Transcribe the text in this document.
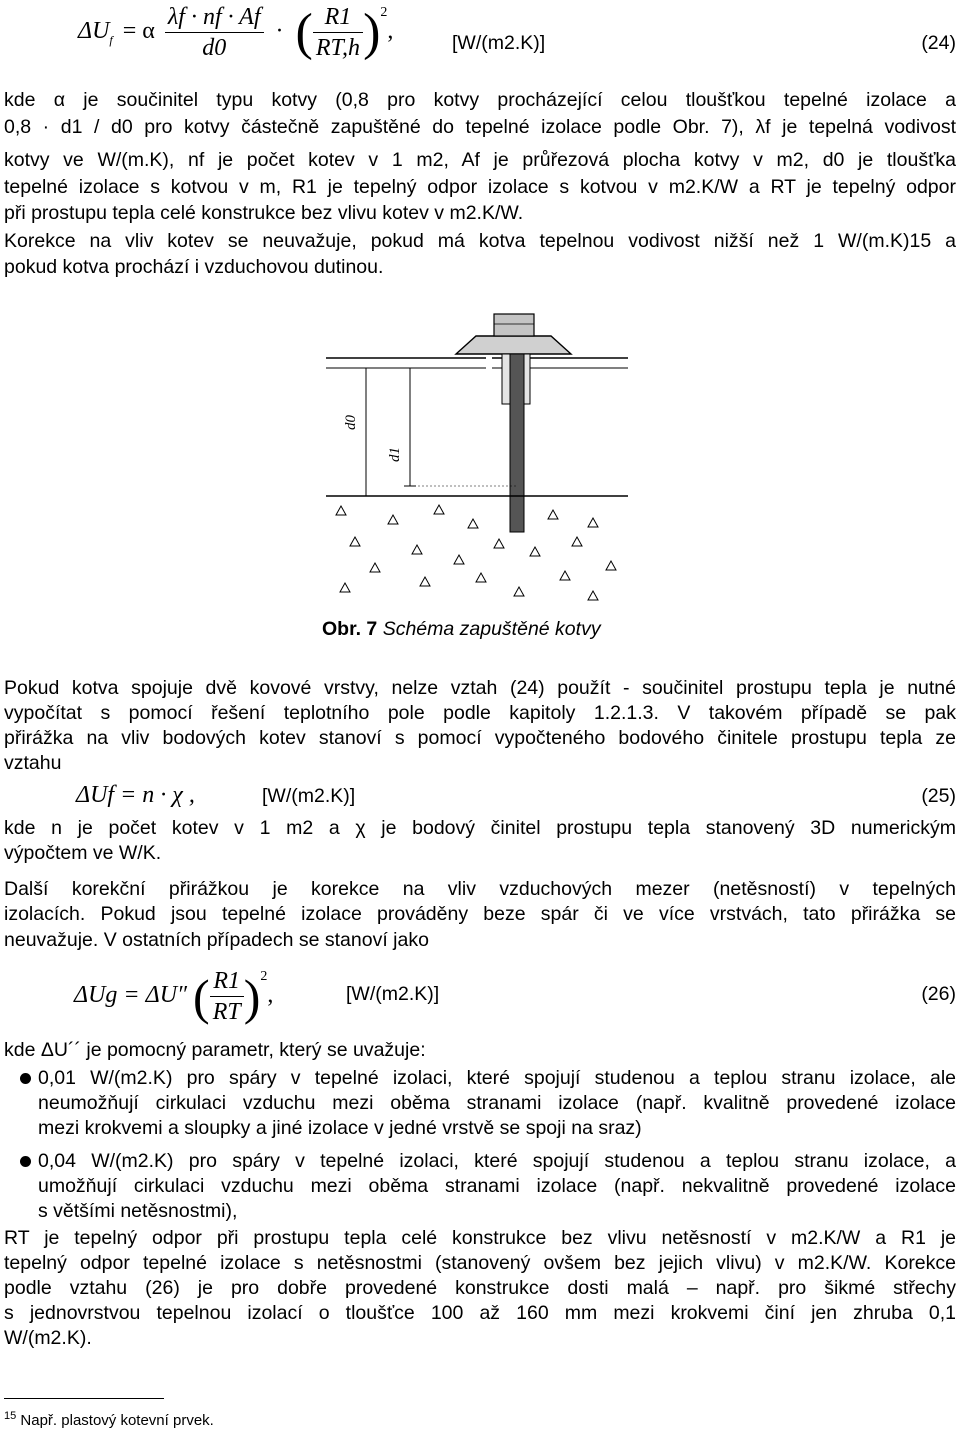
$\Delta U_f = \alpha \frac{\lambda f \cdot nf \cdot Af}{d0}$ · ( $\frac{R1}{RT,h} )^2$,	[W/(m2.K)]	(24)
kde α je součinitel typu kotvy (0,8 pro kotvy procházející celou tloušťkou tepelné izolace a
0,8 · d1 / d0 pro kotvy částečně zapuštěné do tepelné izolace podle Obr. 7), λf je tepelná vodivost
kotvy ve W/(m.K), nf je počet kotev v 1 m2, Af je průřezová plocha kotvy v m2, d0 je tloušťka
tepelné izolace s kotvou v m, R1 je tepelný odpor izolace s kotvou v m2.K/W a RT je tepelný odpor
při prostupu tepla celé konstrukce bez vlivu kotev v m2.K/W.
Korekce na vliv kotev se neuvažuje, pokud má kotva tepelnou vodivost nižší než 1 W/(m.K)15 a
pokud kotva prochází i vzduchovou dutinou.
d0
d1
Obr. 7 Schéma zapuštěné kotvy
Pokud kotva spojuje dvě kovové vrstvy, nelze vztah (24) použít - součinitel prostupu tepla je nutné
vypočítat s pomocí řešení teplotního pole podle kapitoly 1.2.1.3. V takovém případě se pak
přirážka na vliv bodových kotev stanoví s pomocí vypočteného bodového činitele prostupu tepla ze
vztahu
ΔUf = n · χ ,	[W/(m2.K)]	(25)
kde n je počet kotev v 1 m2 a χ je bodový činitel prostupu tepla stanovený 3D numerickým
výpočtem ve W/K.
Další korekční přirážkou je korekce na vliv vzduchových mezer (netěsností) v tepelných
izolacích. Pokud jsou tepelné izolace prováděny beze spár či ve více vrstvách, tato přirážka se
neuvažuje. V ostatních případech se stanoví jako
ΔUg = ΔU″ ( $\frac{R1}{RT} )^2$,	[W/(m2.K)]	(26)
kde ΔU´´ je pomocný parametr, který se uvažuje:
0,01 W/(m2.K) pro spáry v tepelné izolaci, které spojují studenou a teplou stranu izolace, ale
neumožňují cirkulaci vzduchu mezi oběma stranami izolace (např. kvalitně provedené izolace
mezi krokvemi a sloupky a jiné izolace v jedné vrstvě se spoji na sraz)
0,04 W/(m2.K) pro spáry v tepelné izolaci, které spojují studenou a teplou stranu izolace, a
umožňují cirkulaci vzduchu mezi oběma stranami izolace (např. nekvalitně provedené izolace
s většími netěsnostmi),
RT je tepelný odpor při prostupu tepla celé konstrukce bez vlivu netěsností v m2.K/W a R1 je
tepelný odpor tepelné izolace s netěsnostmi (stanovený ovšem bez jejich vlivu) v m2.K/W. Korekce
podle vztahu (26) je pro dobře provedené konstrukce dosti malá – např. pro šikmé střechy
s jednovrstvou tepelnou izolací o tloušťce 100 až 160 mm mezi krokvemi činí jen zhruba 0,1
W/(m2.K).
$^{15}$ Např. plastový kotevní prvek.
